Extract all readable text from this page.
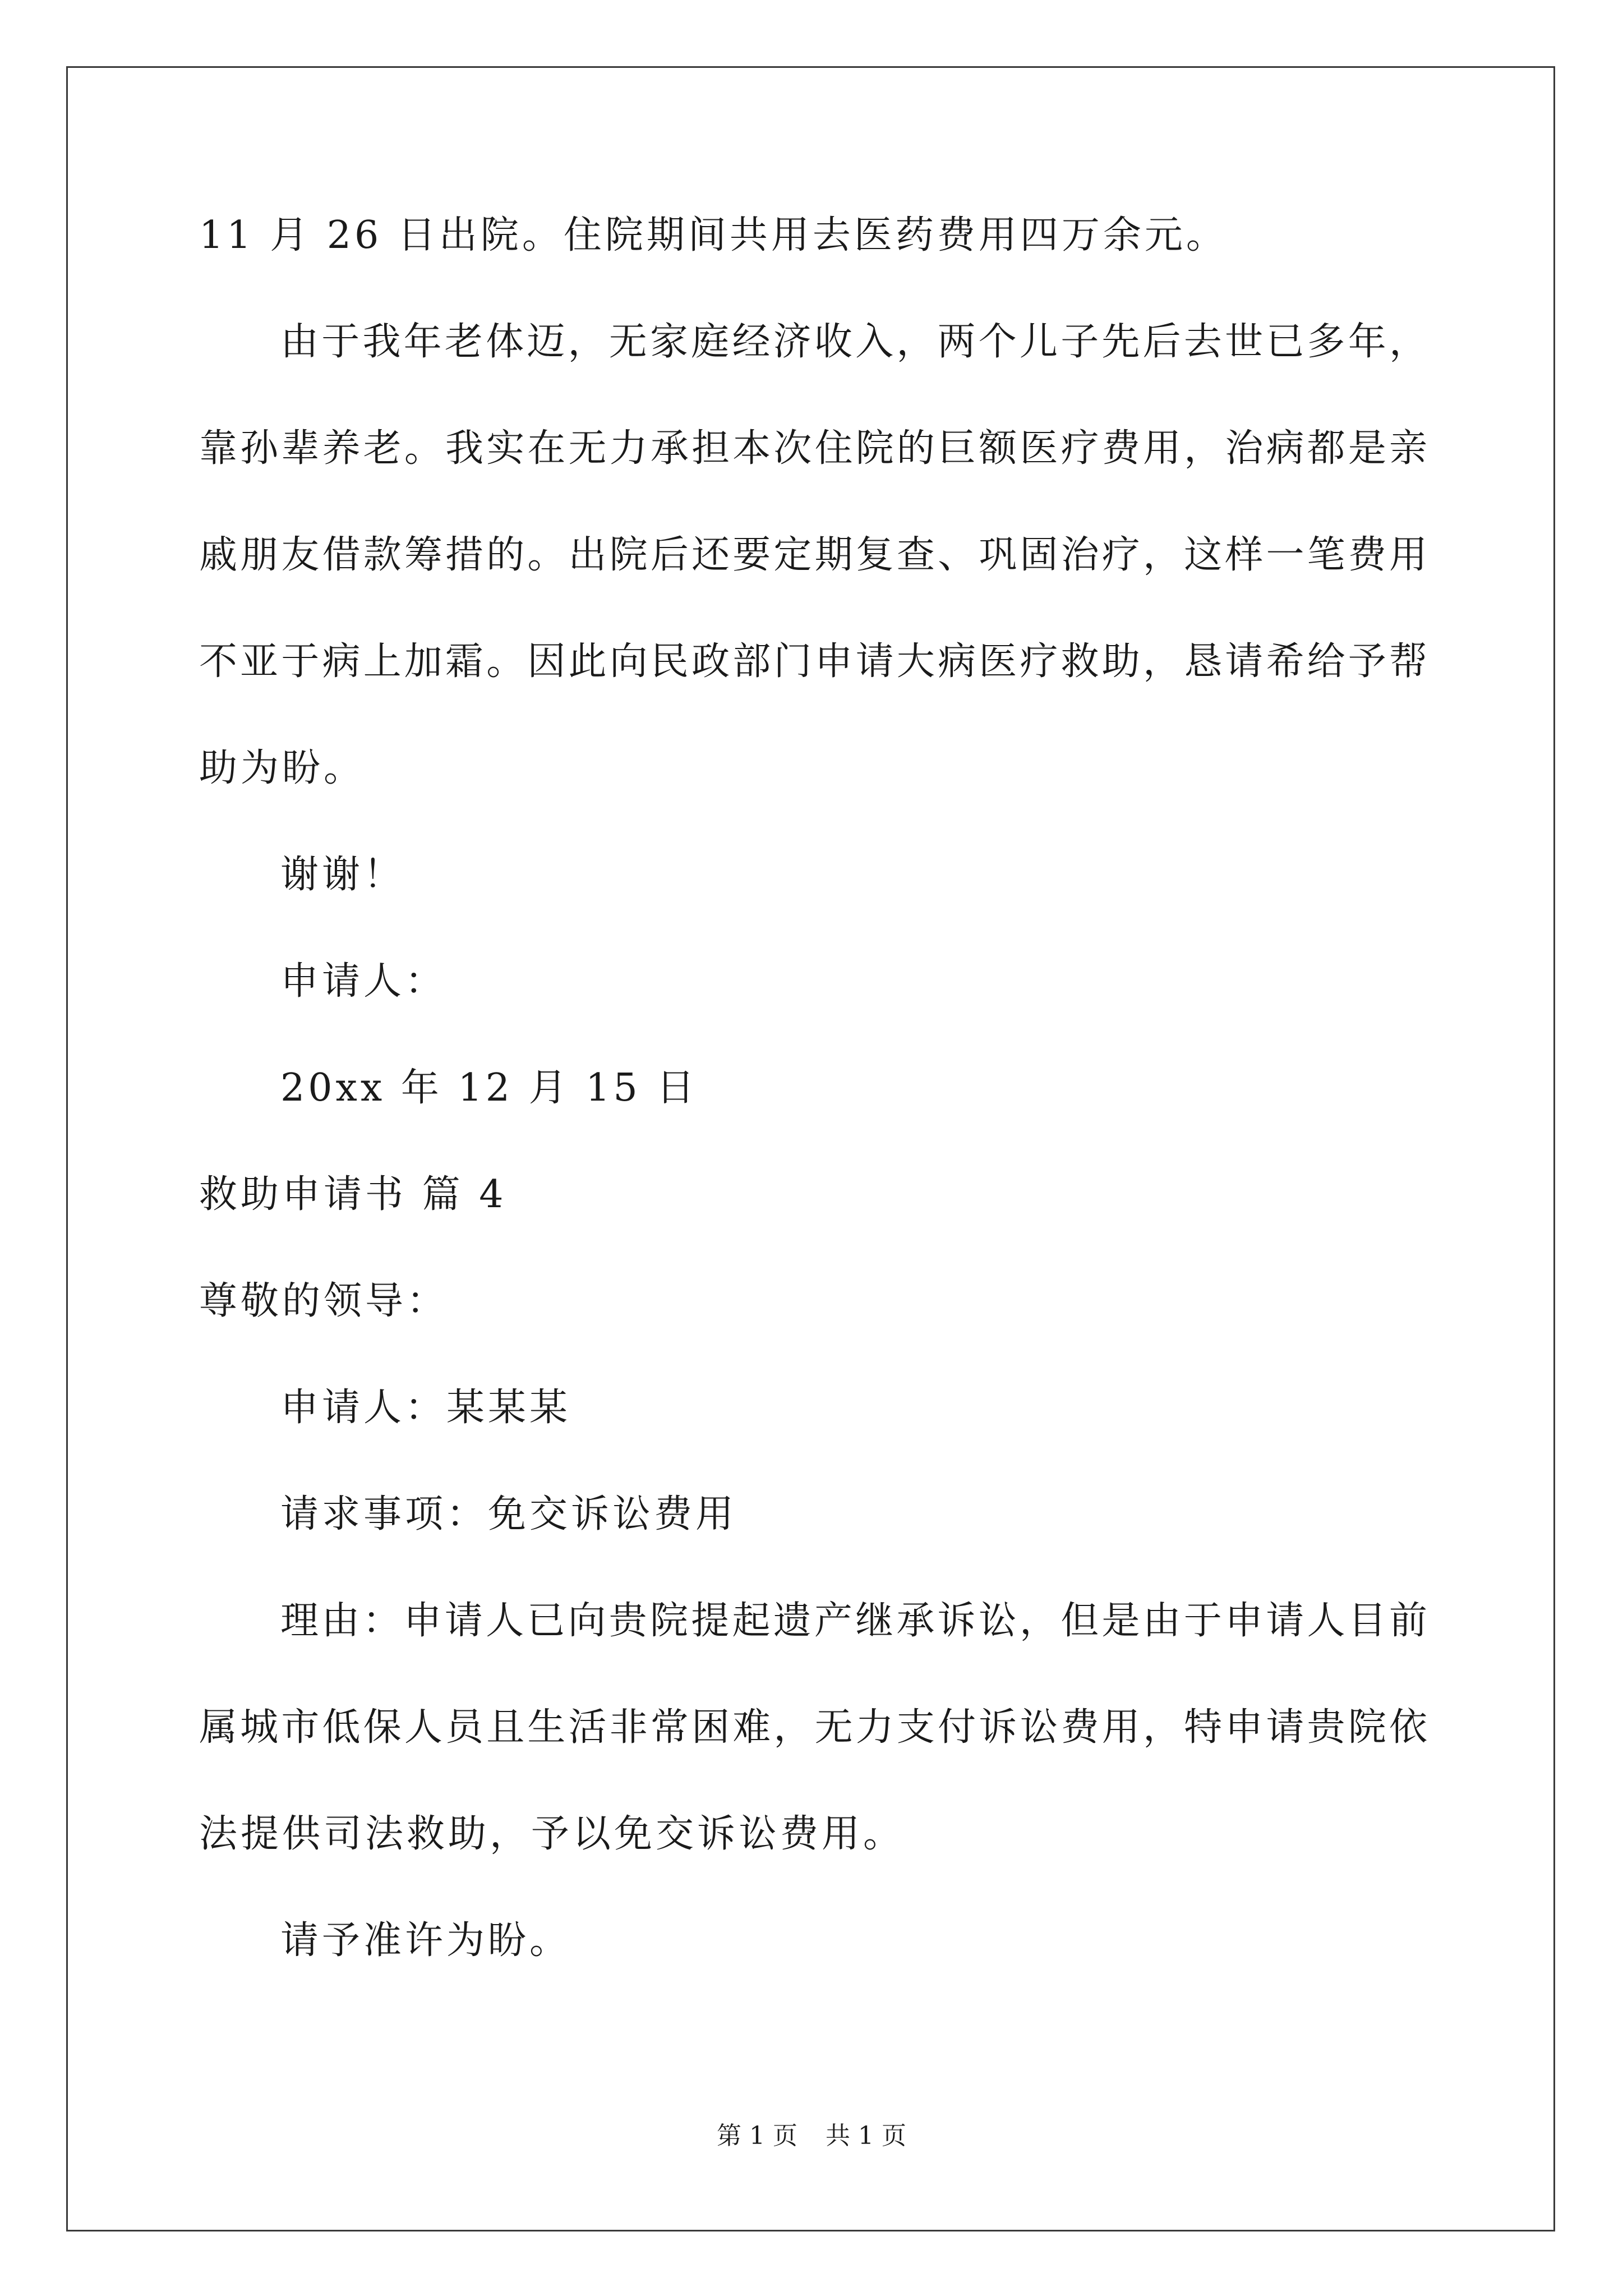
11 月 26 日出院。住院期间共用去医药费用四万余元。

由于我年老体迈，无家庭经济收入，两个儿子先后去世已多年，

靠孙辈养老。我实在无力承担本次住院的巨额医疗费用，治病都是亲

戚朋友借款筹措的。出院后还要定期复查、巩固治疗，这样一笔费用

不亚于病上加霜。因此向民政部门申请大病医疗救助，恳请希给予帮

助为盼。

谢谢！

申请人：

20xx 年 12 月 15 日

救助申请书 篇 4

尊敬的领导：

申请人：某某某

请求事项：免交诉讼费用

理由：申请人已向贵院提起遗产继承诉讼，但是由于申请人目前

属城市低保人员且生活非常困难，无力支付诉讼费用，特申请贵院依

法提供司法救助，予以免交诉讼费用。

请予准许为盼。

第 1 页 共 1 页
